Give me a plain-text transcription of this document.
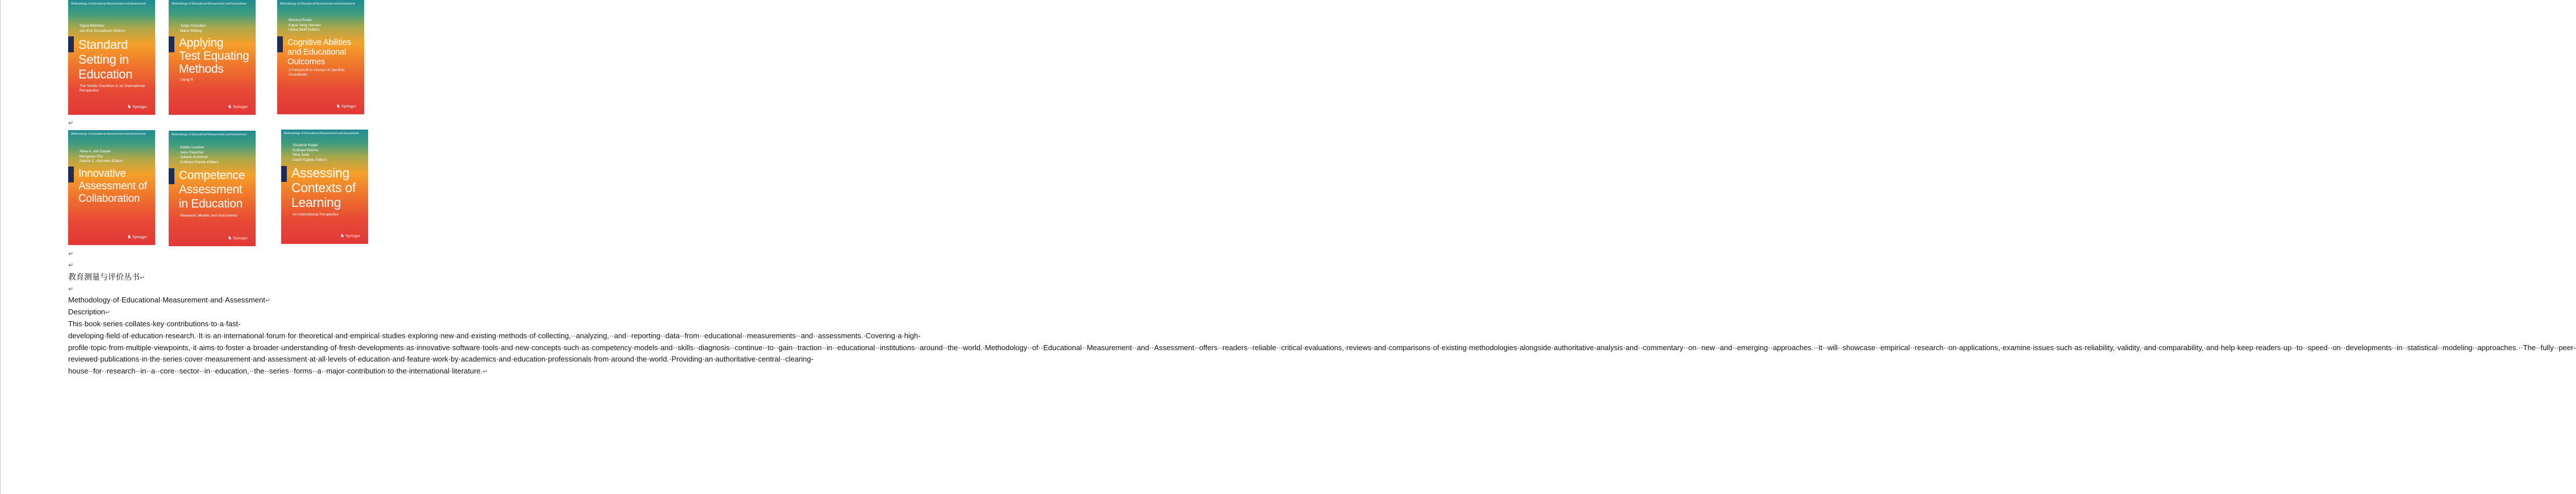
Methodology of Educational Measurement and Assessment
Sigrid Blömeke
Jan-Eric Gustafsson Editors
Standard
Setting in
Education
The Nordic Countries in an International Perspective
♞ Springer
Methodology of Educational Measurement and Assessment
Jorge González
Marie Wiberg
Applying
Test Equating
Methods
Using R
♞ Springer
Methodology of Educational Measurement and Assessment
Monica Rosén
Kajsa Yang Hansen
Ulrika Wolff Editors
Cognitive Abilities
and Educational
Outcomes
A Festschrift in Honour of Jan-Eric Gustafsson
♞ Springer
↵
Methodology of Educational Measurement and Assessment
Alina A. von Davier
Mengxiao Zhu
Patrick C. Kyllonen Editors
Innovative
Assessment of
Collaboration
♞ Springer
Methodology of Educational Measurement and Assessment
Detlev Leutner
Jens Fleischer
Juliane Grünkorn
Eckhard Klieme Editors
Competence
Assessment
in Education
Research, Models and Instruments
♞ Springer
Methodology of Educational Measurement and Assessment
Susanne Kuger
Eckhard Klieme
Nina Jude
David Kaplan Editors
Assessing
Contexts of
Learning
An International Perspective
♞ Springer
↵
↵
教育测量与评价丛书↵
↵
Methodology·of·Educational·Measurement·and·Assessment↵
Description↵
This·book·series·collates·key·contributions·to·a·fast-developing·field·of·education·research.·It·is·an·international·forum·for·theoretical·and·empirical·studies·exploring·new·and·existing·methods·of·collecting,··analyzing,··and··reporting··data··from··educational··measurements··and··assessments.·Covering·a·high-profile·topic·from·multiple·viewpoints,·it·aims·to·foster·a·broader·understanding·of·fresh·developments·as·innovative·software·tools·and·new·concepts·such·as·competency·models·and··skills··diagnosis··continue··to··gain··traction··in··educational··institutions··around··the··world.·Methodology··of··Educational··Measurement··and··Assessment··offers··readers··reliable··critical·evaluations,·reviews·and·comparisons·of·existing·methodologies·alongside·authoritative·analysis·and··commentary··on··new··and··emerging··approaches.··It··will··showcase··empirical··research··on·applications,·examine·issues·such·as·reliability,·validity,·and·comparability,·and·help·keep·readers·up··to··speed··on··developments··in··statistical··modeling··approaches.··The··fully··peer-reviewed·publications·in·the·series·cover·measurement·and·assessment·at·all·levels·of·education·and·feature·work·by·academics·and·education·professionals·from·around·the·world.·Providing·an·authoritative·central··clearing-house··for··research··in··a··core··sector··in··education,··the··series··forms··a··major·contribution·to·the·international·literature.↵
